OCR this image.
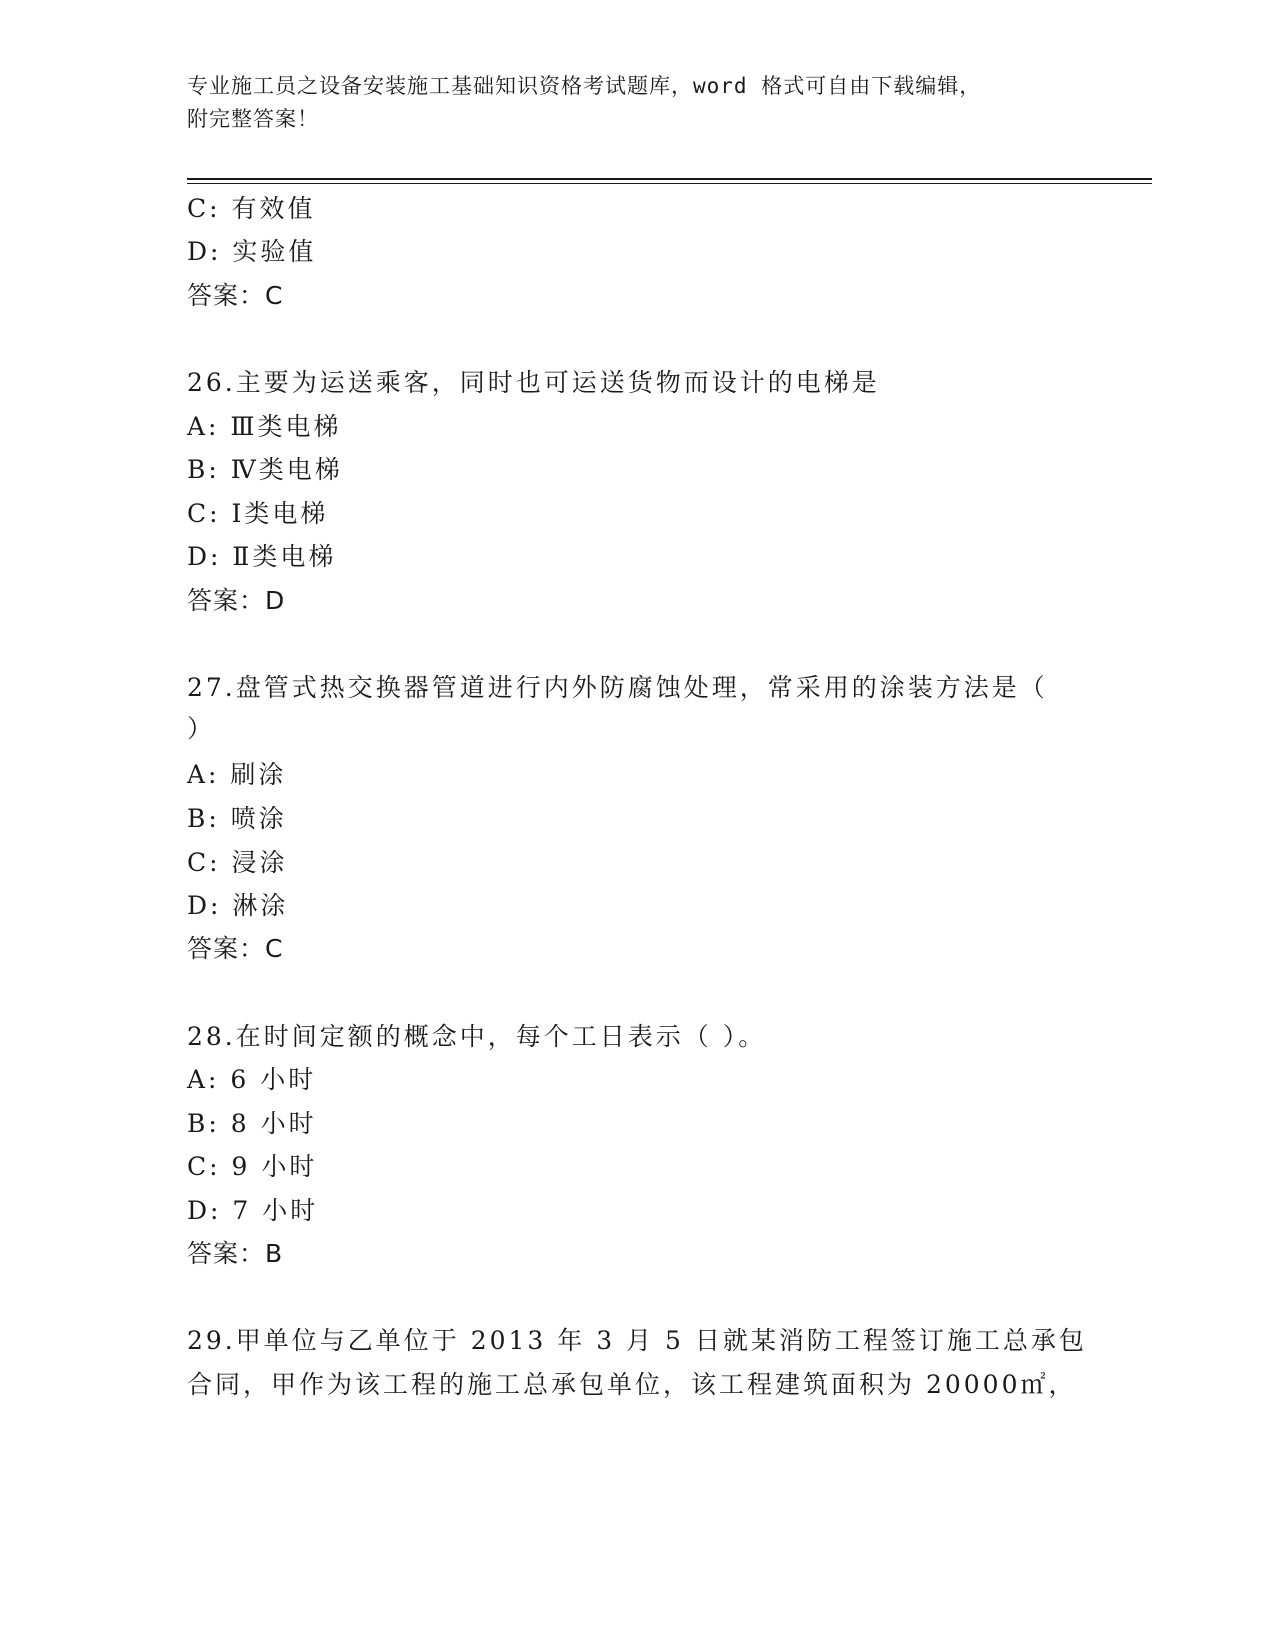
专业施工员之设备安装施工基础知识资格考试题库，word 格式可自由下载编辑，
附完整答案！
C: 有效值
D: 实验值
答案：C
26.主要为运送乘客，同时也可运送货物而设计的电梯是
A: Ⅲ类电梯
B: Ⅳ类电梯
C: Ⅰ类电梯
D: Ⅱ类电梯
答案：D
27.盘管式热交换器管道进行内外防腐蚀处理，常采用的涂装方法是（
）
A: 刷涂
B: 喷涂
C: 浸涂
D: 淋涂
答案：C
28.在时间定额的概念中，每个工日表示（ ）。
A: 6 小时
B: 8 小时
C: 9 小时
D: 7 小时
答案：B
29.甲单位与乙单位于 2013 年 3 月 5 日就某消防工程签订施工总承包
合同，甲作为该工程的施工总承包单位，该工程建筑面积为 20000㎡，
